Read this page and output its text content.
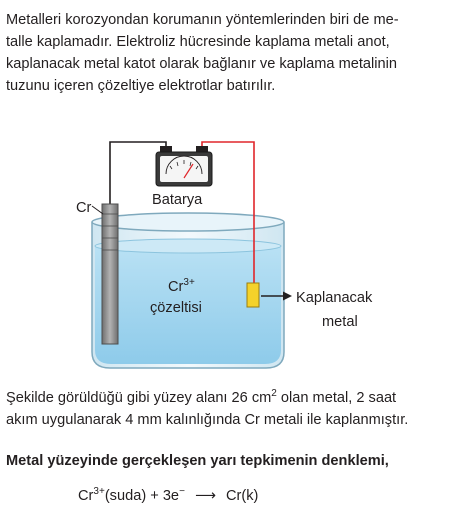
Metalleri korozyondan korumanın yöntemlerinden biri de me-
talle kaplamadır. Elektroliz hücresinde kaplama metali anot,
kaplanacak metal katot olarak bağlanır ve kaplama metalinin
tuzunu içeren çözeltiye elektrotlar batırılır.
Batarya
Cr
$Cr^{3+}$
çözeltisi
Kaplanacak
metal
Şekilde görüldüğü gibi yüzey alanı 26 $cm^2$ olan metal, 2 saat
akım uygulanarak 4 mm kalınlığında Cr metali ile kaplanmıştır.
Metal yüzeyinde gerçekleşen yarı tepkimenin denklemi,
$Cr^{3+}(suda) + 3e^-$ ⟶ Cr(k)
